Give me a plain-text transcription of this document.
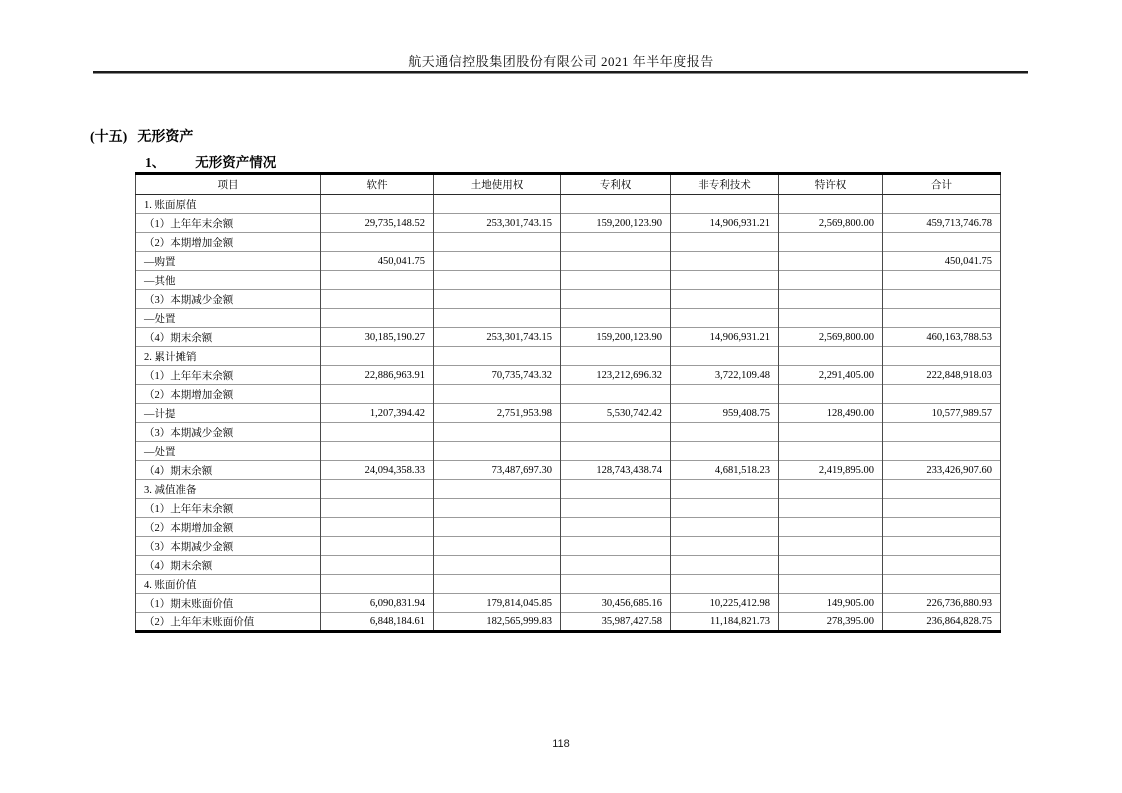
航天通信控股集团股份有限公司 2021 年半年度报告
(十五) 无形资产
1、 无形资产情况
项目	软件	土地使用权	专利权	非专利技术	特许权	合计
1. 账面原值						
（1）上年年末余额	29,735,148.52	253,301,743.15	159,200,123.90	14,906,931.21	2,569,800.00	459,713,746.78
（2）本期增加金额						
—购置	450,041.75					450,041.75
—其他						
（3）本期减少金额						
—处置						
（4）期末余额	30,185,190.27	253,301,743.15	159,200,123.90	14,906,931.21	2,569,800.00	460,163,788.53
2. 累计摊销						
（1）上年年末余额	22,886,963.91	70,735,743.32	123,212,696.32	3,722,109.48	2,291,405.00	222,848,918.03
（2）本期增加金额						
—计提	1,207,394.42	2,751,953.98	5,530,742.42	959,408.75	128,490.00	10,577,989.57
（3）本期减少金额						
—处置						
（4）期末余额	24,094,358.33	73,487,697.30	128,743,438.74	4,681,518.23	2,419,895.00	233,426,907.60
3. 减值准备						
（1）上年年末余额						
（2）本期增加金额						
（3）本期减少金额						
（4）期末余额						
4. 账面价值						
（1）期末账面价值	6,090,831.94	179,814,045.85	30,456,685.16	10,225,412.98	149,905.00	226,736,880.93
（2）上年年末账面价值	6,848,184.61	182,565,999.83	35,987,427.58	11,184,821.73	278,395.00	236,864,828.75
118
